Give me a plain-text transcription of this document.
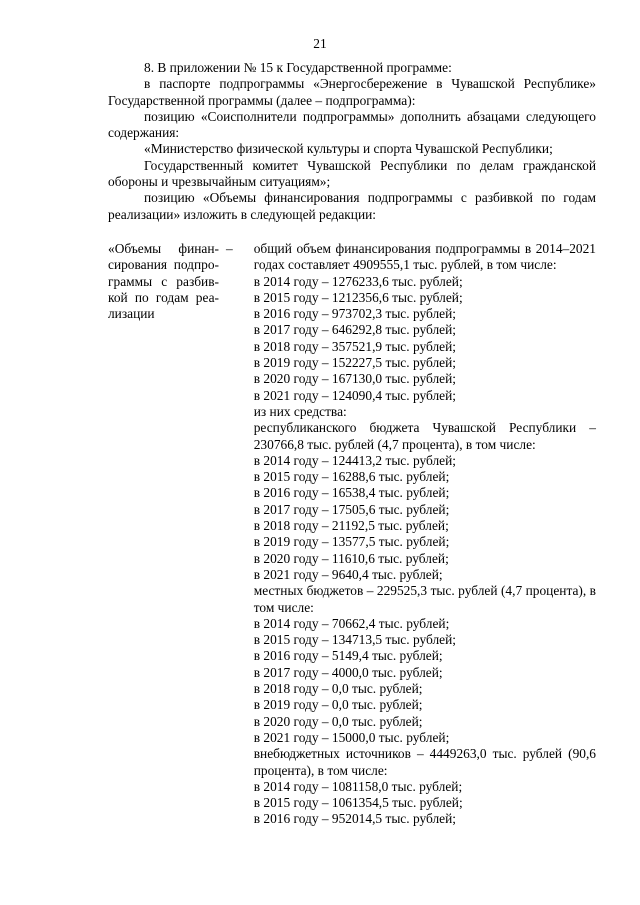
21

8. В приложении № 15 к Государственной программе:

в паспорте подпрограммы «Энергосбережение в Чувашской Республике» Государственной программы (далее – подпрограмма):

позицию «Соисполнители подпрограммы» дополнить абзацами следующего содержания:

«Министерство физической культуры и спорта Чувашской Республики;

Государственный комитет Чувашской Республики по делам гражданской обороны и чрезвычайным ситуациям»;

позицию «Объемы финансирования подпрограммы с разбивкой по годам реализации» изложить в следующей редакции:

«Объемы финан-
сирования подпро-
граммы с разбив-
кой по годам реа-
лизации
– общий объем финансирования подпрограммы в 2014–2021 годах составляет 4909555,1 тыс. рублей, в том числе:
в 2014 году – 1276233,6 тыс. рублей;
в 2015 году – 1212356,6 тыс. рублей;
в 2016 году – 973702,3 тыс. рублей;
в 2017 году – 646292,8 тыс. рублей;
в 2018 году – 357521,9 тыс. рублей;
в 2019 году – 152227,5 тыс. рублей;
в 2020 году – 167130,0 тыс. рублей;
в 2021 году – 124090,4 тыс. рублей;
из них средства:
республиканского бюджета Чувашской Республики – 230766,8 тыс. рублей (4,7 процента), в том числе:
в 2014 году – 124413,2 тыс. рублей;
в 2015 году – 16288,6 тыс. рублей;
в 2016 году – 16538,4 тыс. рублей;
в 2017 году – 17505,6 тыс. рублей;
в 2018 году – 21192,5 тыс. рублей;
в 2019 году – 13577,5 тыс. рублей;
в 2020 году – 11610,6 тыс. рублей;
в 2021 году – 9640,4 тыс. рублей;
местных бюджетов – 229525,3 тыс. рублей (4,7 процента), в том числе:
в 2014 году – 70662,4 тыс. рублей;
в 2015 году – 134713,5 тыс. рублей;
в 2016 году – 5149,4 тыс. рублей;
в 2017 году – 4000,0 тыс. рублей;
в 2018 году – 0,0 тыс. рублей;
в 2019 году – 0,0 тыс. рублей;
в 2020 году – 0,0 тыс. рублей;
в 2021 году – 15000,0 тыс. рублей;
внебюджетных источников – 4449263,0 тыс. рублей (90,6 процента), в том числе:
в 2014 году – 1081158,0 тыс. рублей;
в 2015 году – 1061354,5 тыс. рублей;
в 2016 году – 952014,5 тыс. рублей;
